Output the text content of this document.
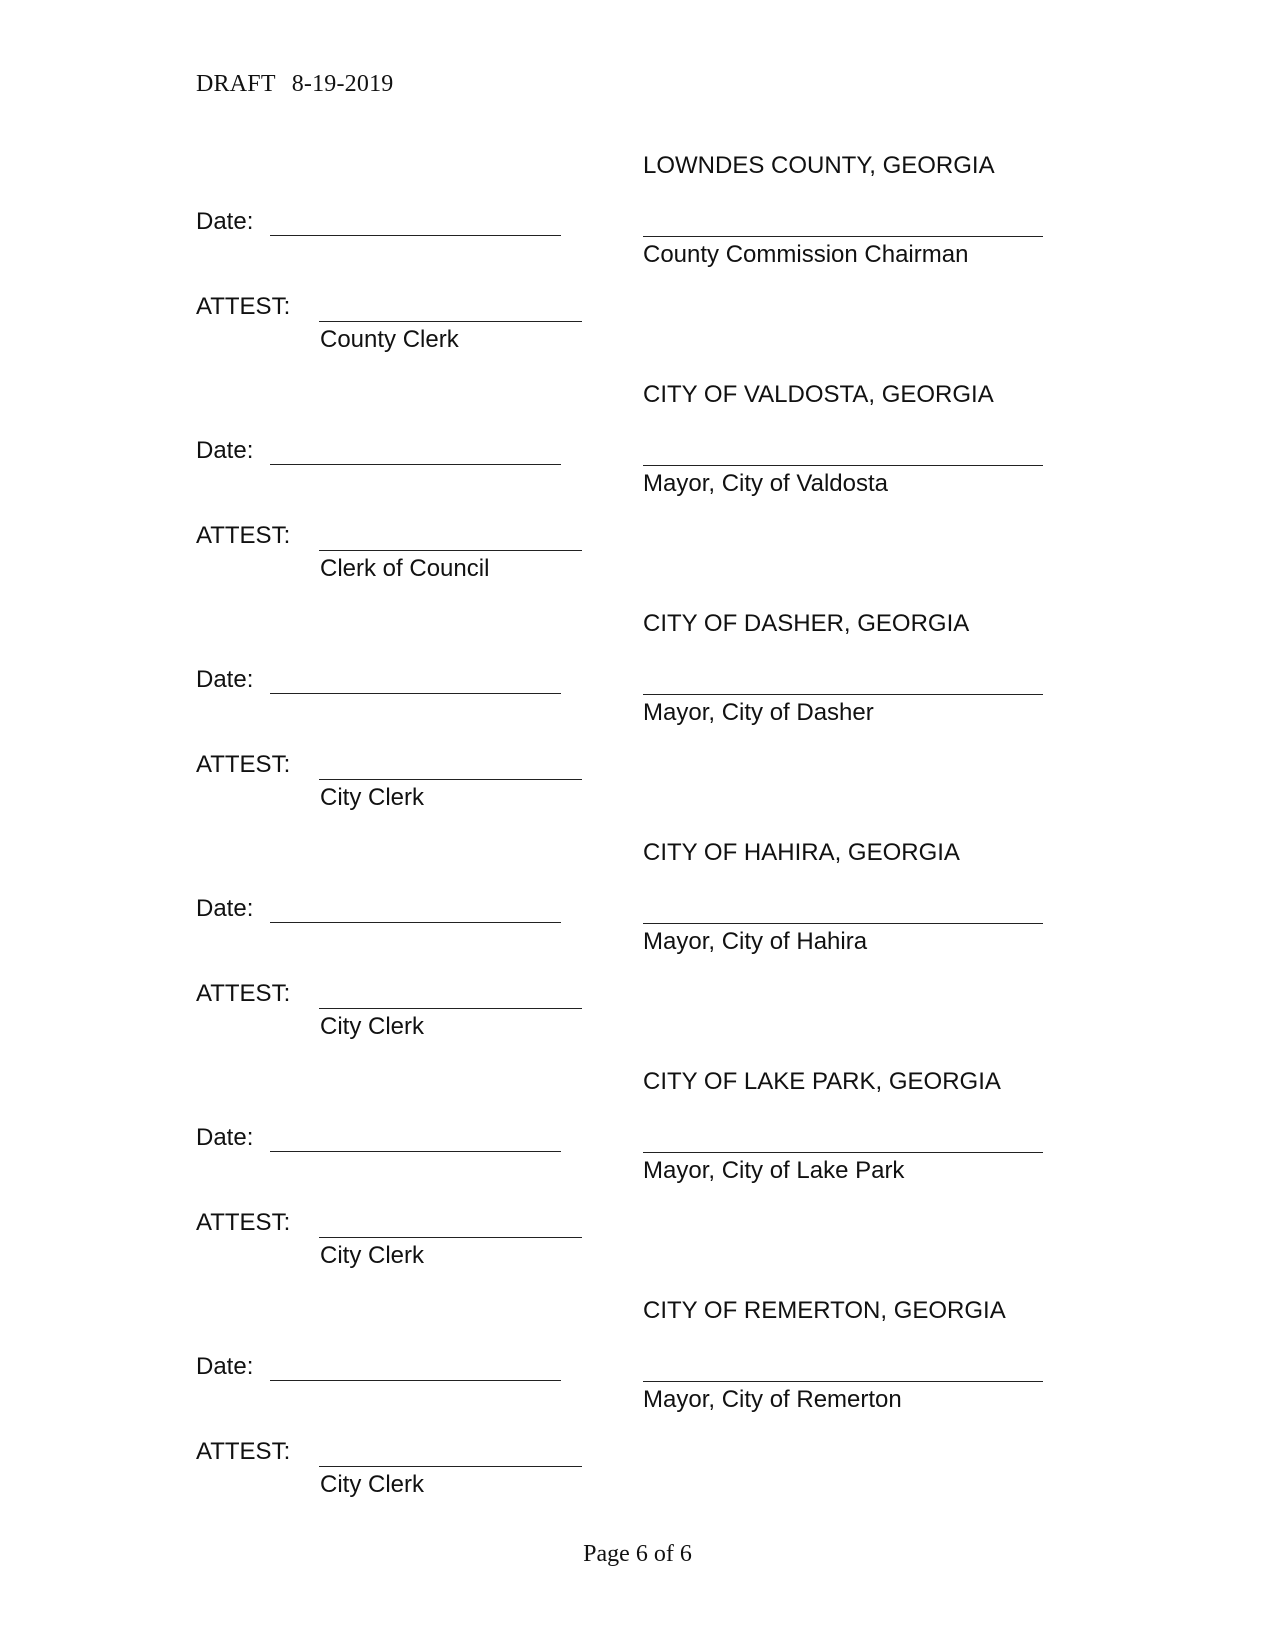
DRAFT 8-19-2019
LOWNDES COUNTY, GEORGIA
Date:
County Commission Chairman
ATTEST:
County Clerk
CITY OF VALDOSTA, GEORGIA
Date:
Mayor, City of Valdosta
ATTEST:
Clerk of Council
CITY OF DASHER, GEORGIA
Date:
Mayor, City of Dasher
ATTEST:
City Clerk
CITY OF HAHIRA, GEORGIA
Date:
Mayor, City of Hahira
ATTEST:
City Clerk
CITY OF LAKE PARK, GEORGIA
Date:
Mayor, City of Lake Park
ATTEST:
City Clerk
CITY OF REMERTON, GEORGIA
Date:
Mayor, City of Remerton
ATTEST:
City Clerk
Page 6 of 6
